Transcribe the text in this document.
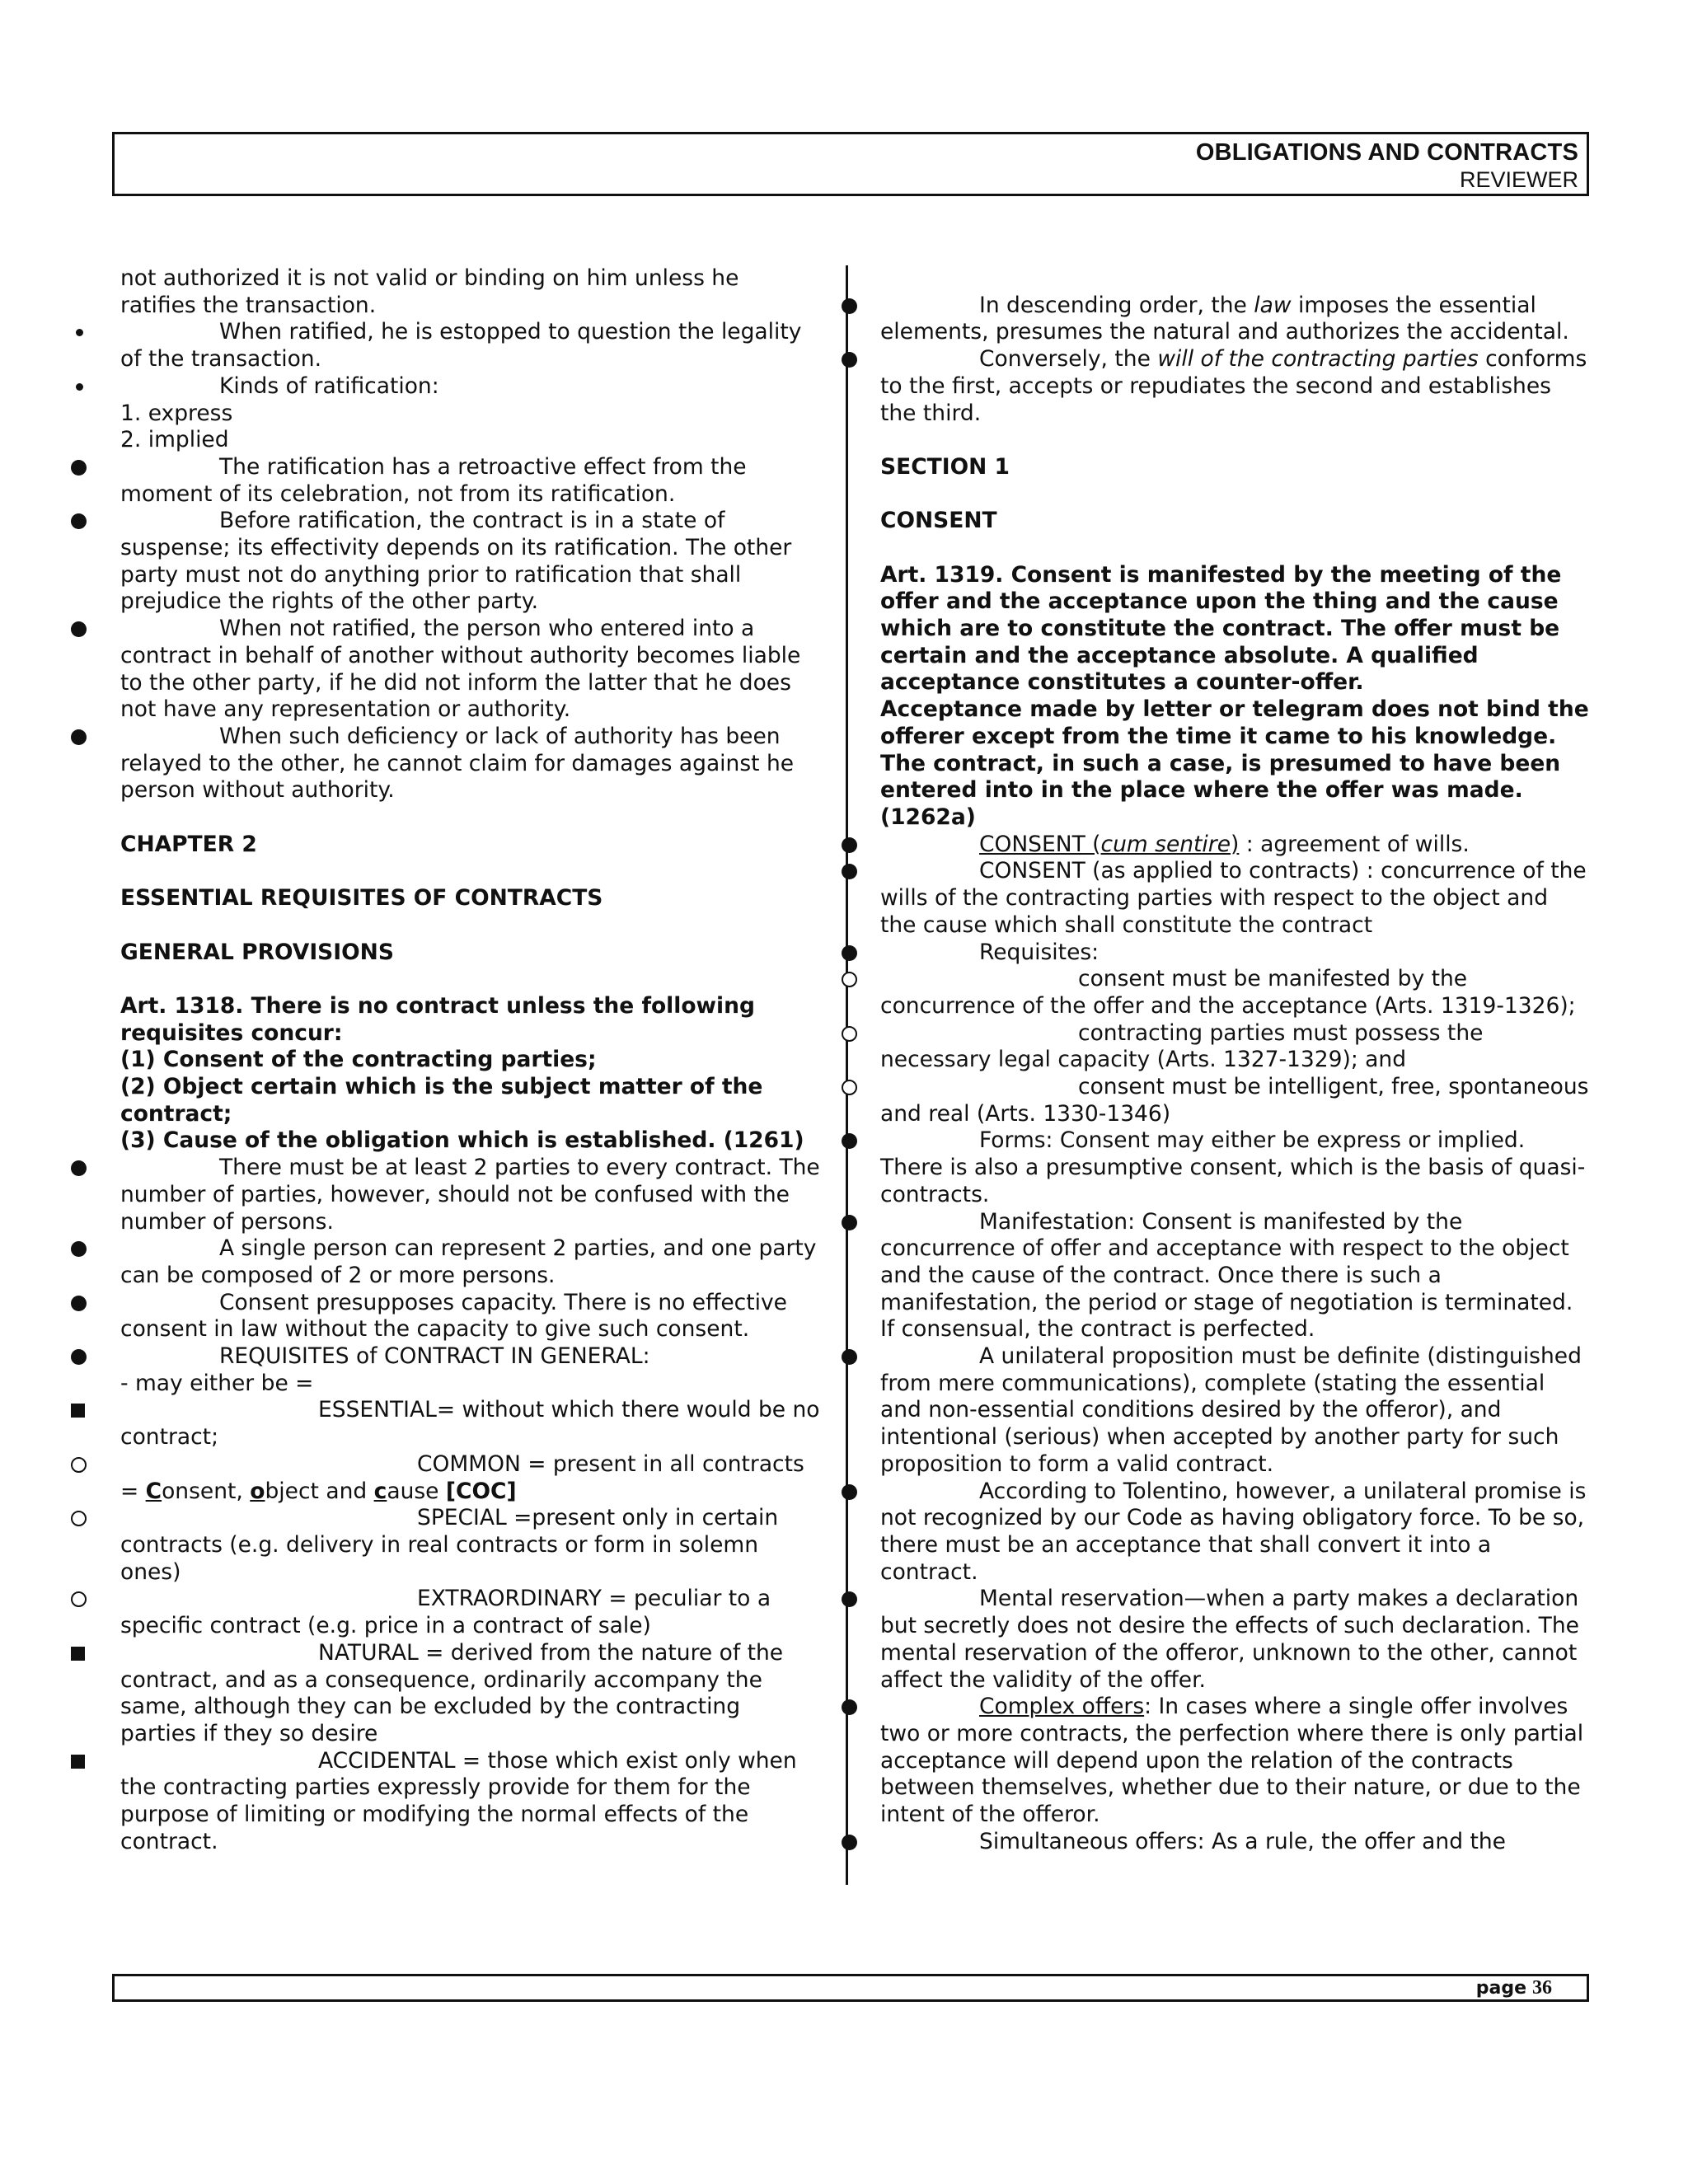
OBLIGATIONS AND CONTRACTS
REVIEWER

not authorized it is not valid or binding on him unless he ratifies the transaction.

When ratified, he is estopped to question the legality of the transaction.

Kinds of ratification:

1. express

2. implied

The ratification has a retroactive effect from the moment of its celebration, not from its ratification.

Before ratification, the contract is in a state of suspense; its effectivity depends on its ratification. The other party must not do anything prior to ratification that shall prejudice the rights of the other party.

When not ratified, the person who entered into a contract in behalf of another without authority becomes liable to the other party, if he did not inform the latter that he does not have any representation or authority.

When such deficiency or lack of authority has been relayed to the other, he cannot claim for damages against he person without authority.

CHAPTER 2

ESSENTIAL REQUISITES OF CONTRACTS

GENERAL PROVISIONS

Art. 1318. There is no contract unless the following requisites concur:

(1) Consent of the contracting parties;

(2) Object certain which is the subject matter of the contract;

(3) Cause of the obligation which is established. (1261)

There must be at least 2 parties to every contract. The number of parties, however, should not be confused with the number of persons.

A single person can represent 2 parties, and one party can be composed of 2 or more persons.

Consent presupposes capacity. There is no effective consent in law without the capacity to give such consent.

REQUISITES of CONTRACT IN GENERAL:

- may either be =

ESSENTIAL= without which there would be no contract;

COMMON = present in all contracts = Consent, object and cause [COC]

SPECIAL =present only in certain contracts (e.g. delivery in real contracts or form in solemn ones)

EXTRAORDINARY = peculiar to a specific contract (e.g. price in a contract of sale)

NATURAL = derived from the nature of the contract, and as a consequence, ordinarily accompany the same, although they can be excluded by the contracting parties if they so desire

ACCIDENTAL = those which exist only when the contracting parties expressly provide for them for the purpose of limiting or modifying the normal effects of the contract.

In descending order, the law imposes the essential elements, presumes the natural and authorizes the accidental.

Conversely, the will of the contracting parties conforms to the first, accepts or repudiates the second and establishes the third.

SECTION 1

CONSENT

Art. 1319. Consent is manifested by the meeting of the offer and the acceptance upon the thing and the cause which are to constitute the contract. The offer must be certain and the acceptance absolute. A qualified acceptance constitutes a counter-offer.

Acceptance made by letter or telegram does not bind the offerer except from the time it came to his knowledge. The contract, in such a case, is presumed to have been entered into in the place where the offer was made. (1262a)

CONSENT (cum sentire) : agreement of wills.

CONSENT (as applied to contracts) : concurrence of the wills of the contracting parties with respect to the object and the cause which shall constitute the contract

Requisites:

consent must be manifested by the concurrence of the offer and the acceptance (Arts. 1319-1326);

contracting parties must possess the necessary legal capacity (Arts. 1327-1329); and

consent must be intelligent, free, spontaneous and real (Arts. 1330-1346)

Forms: Consent may either be express or implied. There is also a presumptive consent, which is the basis of quasi-contracts.

Manifestation: Consent is manifested by the concurrence of offer and acceptance with respect to the object and the cause of the contract. Once there is such a manifestation, the period or stage of negotiation is terminated. If consensual, the contract is perfected.

A unilateral proposition must be definite (distinguished from mere communications), complete (stating the essential and non-essential conditions desired by the offeror), and intentional (serious) when accepted by another party for such proposition to form a valid contract.

According to Tolentino, however, a unilateral promise is not recognized by our Code as having obligatory force. To be so, there must be an acceptance that shall convert it into a contract.

Mental reservation—when a party makes a declaration but secretly does not desire the effects of such declaration. The mental reservation of the offeror, unknown to the other, cannot affect the validity of the offer.

Complex offers: In cases where a single offer involves two or more contracts, the perfection where there is only partial acceptance will depend upon the relation of the contracts between themselves, whether due to their nature, or due to the intent of the offeror.

Simultaneous offers: As a rule, the offer and the

page 36
